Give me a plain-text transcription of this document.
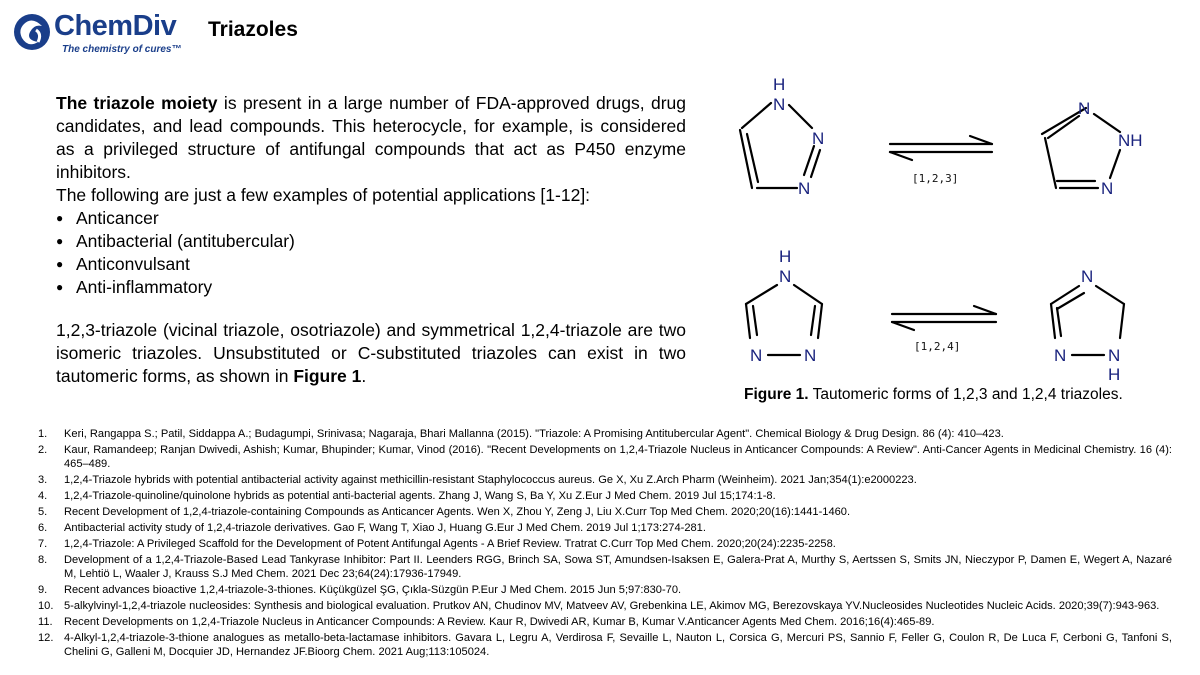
ChemDiv
The chemistry of cures™
Triazoles

The triazole moiety is present in a large number of FDA-approved drugs, drug candidates, and lead compounds. This heterocycle, for example, is considered as a privileged structure of antifungal compounds that act as P450 enzyme inhibitors.

The following are just a few examples of potential applications [1-12]:

● Anticancer
● Antibacterial (antitubercular)
● Anticonvulsant
● Anti-inflammatory

1,2,3-triazole (vicinal triazole, osotriazole) and symmetrical 1,2,4-triazole are two isomeric triazoles. Unsubstituted or C-substituted triazoles can exist in two tautomeric forms, as shown in Figure 1.

H
N
N
N
N
NH
N
H
N
N N
N
N N
H
[1,2,3]
[1,2,4]
Figure 1. Tautomeric forms of 1,2,3 and 1,2,4 triazoles.
1. Keri, Rangappa S.; Patil, Siddappa A.; Budagumpi, Srinivasa; Nagaraja, Bhari Mallanna (2015). "Triazole: A Promising Antitubercular Agent". Chemical Biology & Drug Design. 86 (4): 410–423.
2. Kaur, Ramandeep; Ranjan Dwivedi, Ashish; Kumar, Bhupinder; Kumar, Vinod (2016). "Recent Developments on 1,2,4-Triazole Nucleus in Anticancer Compounds: A Review". Anti-Cancer Agents in Medicinal Chemistry. 16 (4): 465–489.
3. 1,2,4-Triazole hybrids with potential antibacterial activity against methicillin-resistant Staphylococcus aureus. Ge X, Xu Z.Arch Pharm (Weinheim). 2021 Jan;354(1):e2000223.
4. 1,2,4-Triazole-quinoline/quinolone hybrids as potential anti-bacterial agents. Zhang J, Wang S, Ba Y, Xu Z.Eur J Med Chem. 2019 Jul 15;174:1-8.
5. Recent Development of 1,2,4-triazole-containing Compounds as Anticancer Agents. Wen X, Zhou Y, Zeng J, Liu X.Curr Top Med Chem. 2020;20(16):1441-1460.
6. Antibacterial activity study of 1,2,4-triazole derivatives. Gao F, Wang T, Xiao J, Huang G.Eur J Med Chem. 2019 Jul 1;173:274-281.
7. 1,2,4-Triazole: A Privileged Scaffold for the Development of Potent Antifungal Agents - A Brief Review. Tratrat C.Curr Top Med Chem. 2020;20(24):2235-2258.
8. Development of a 1,2,4-Triazole-Based Lead Tankyrase Inhibitor: Part II. Leenders RGG, Brinch SA, Sowa ST, Amundsen-Isaksen E, Galera-Prat A, Murthy S, Aertssen S, Smits JN, Nieczypor P, Damen E, Wegert A, Nazaré M, Lehtiö L, Waaler J, Krauss S.J Med Chem. 2021 Dec 23;64(24):17936-17949.
9. Recent advances bioactive 1,2,4-triazole-3-thiones. Küçükgüzel ŞG, Çıkla-Süzgün P.Eur J Med Chem. 2015 Jun 5;97:830-70.
10. 5-alkylvinyl-1,2,4-triazole nucleosides: Synthesis and biological evaluation. Prutkov AN, Chudinov MV, Matveev AV, Grebenkina LE, Akimov MG, Berezovskaya YV.Nucleosides Nucleotides Nucleic Acids. 2020;39(7):943-963.
11. Recent Developments on 1,2,4-Triazole Nucleus in Anticancer Compounds: A Review. Kaur R, Dwivedi AR, Kumar B, Kumar V.Anticancer Agents Med Chem. 2016;16(4):465-89.
12. 4-Alkyl-1,2,4-triazole-3-thione analogues as metallo-beta-lactamase inhibitors. Gavara L, Legru A, Verdirosa F, Sevaille L, Nauton L, Corsica G, Mercuri PS, Sannio F, Feller G, Coulon R, De Luca F, Cerboni G, Tanfoni S, Chelini G, Galleni M, Docquier JD, Hernandez JF.Bioorg Chem. 2021 Aug;113:105024.
